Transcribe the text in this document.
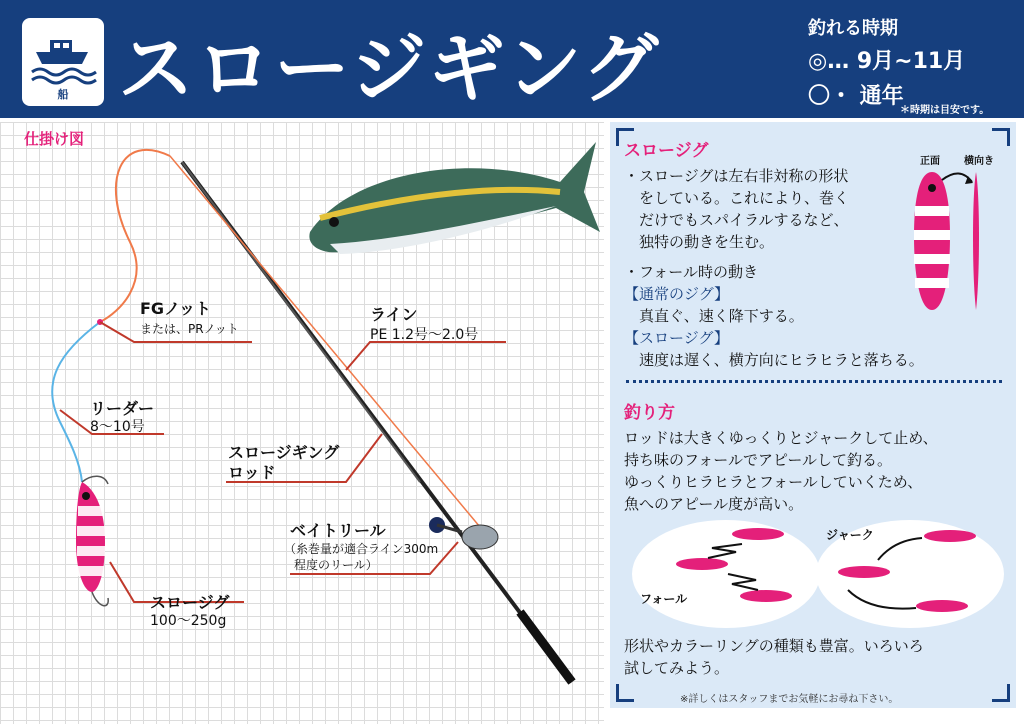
船 スロージギング	釣れる時期
◎… 9月~11月
〇・ 通年
＊時期は目安です。
仕掛け図
FGノット
または、PRノット
リーダー
8～10号
ライン
PE 1.2号～2.0号
スロージギング
ロッド
ベイトリール
（糸巻量が適合ライン300m
程度のリール）
スロージグ
100～250g
スロージグ
・スロージグは左右非対称の形状
　をしている。これにより、巻く
　だけでもスパイラルするなど、
　独特の動きを生む。
正面 横向き
・フォール時の動き
【通常のジグ】
　真直ぐ、速く降下する。
【スロージグ】
　速度は遅く、横方向にヒラヒラと落ちる。
釣り方
ロッドは大きくゆっくりとジャークして止め、
持ち味のフォールでアピールして釣る。
ゆっくりヒラヒラとフォールしていくため、
魚へのアピール度が高い。
フォール
ジャーク
形状やカラーリングの種類も豊富。いろいろ
試してみよう。
※詳しくはスタッフまでお気軽にお尋ね下さい。
